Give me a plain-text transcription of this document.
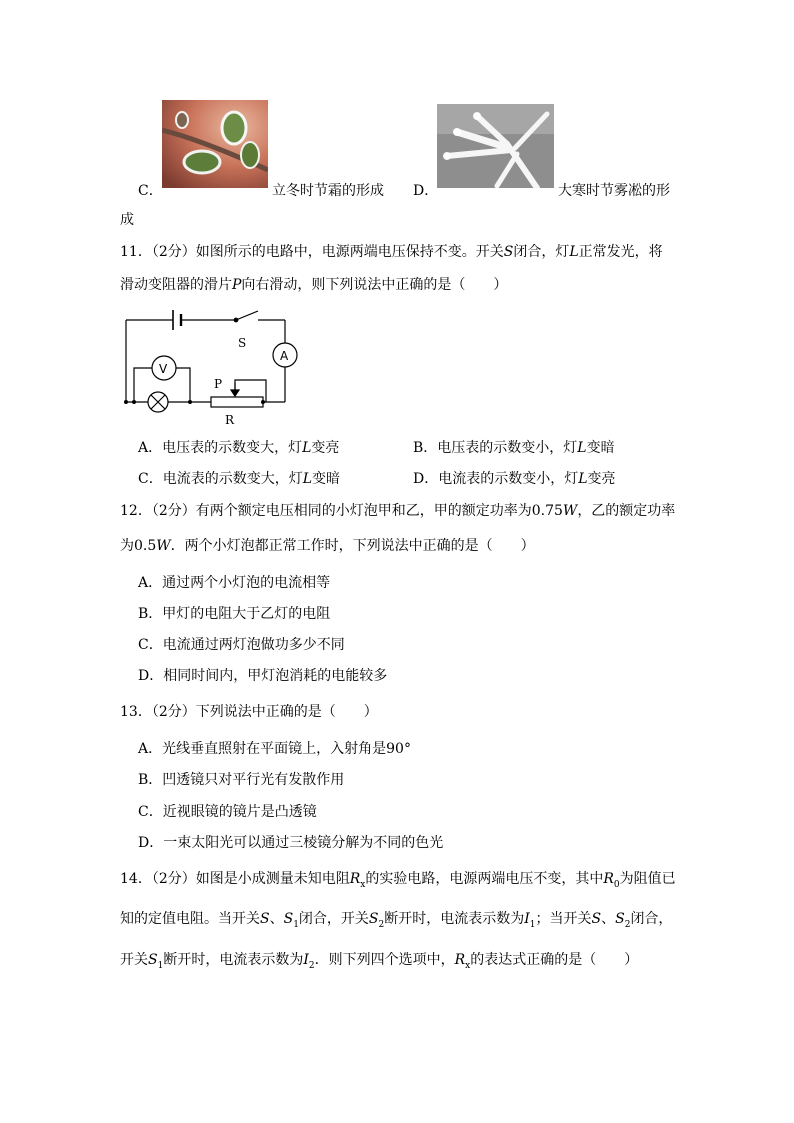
C．	立冬时节霜的形成 D．	大寒时节雾凇的形
成
11．（2分）如图所示的电路中，电源两端电压保持不变。开关S闭合，灯L正常发光，将
滑动变阻器的滑片P向右滑动，则下列说法中正确的是（　　）
S
A
V
P
R
A．电压表的示数变大，灯L变亮	B．电压表的示数变小，灯L变暗
C．电流表的示数变大，灯L变暗	D．电流表的示数变小，灯L变亮
12．（2分）有两个额定电压相同的小灯泡甲和乙，甲的额定功率为0.75W，乙的额定功率
为0.5W．两个小灯泡都正常工作时，下列说法中正确的是（　　）
A．通过两个小灯泡的电流相等
B．甲灯的电阻大于乙灯的电阻
C．电流通过两灯泡做功多少不同
D．相同时间内，甲灯泡消耗的电能较多
13．（2分）下列说法中正确的是（　　）
A．光线垂直照射在平面镜上，入射角是90°
B．凹透镜只对平行光有发散作用
C．近视眼镜的镜片是凸透镜
D．一束太阳光可以通过三棱镜分解为不同的色光
14．（2分）如图是小成测量未知电阻$R_x$的实验电路，电源两端电压不变，其中$R_0$为阻值已
知的定值电阻。当开关S、$S_1$闭合，开关$S_2$断开时，电流表示数为$I_1$；当开关S、$S_2$闭合，
开关$S_1$断开时，电流表示数为$I_2$．则下列四个选项中，$R_x$的表达式正确的是（　　）
